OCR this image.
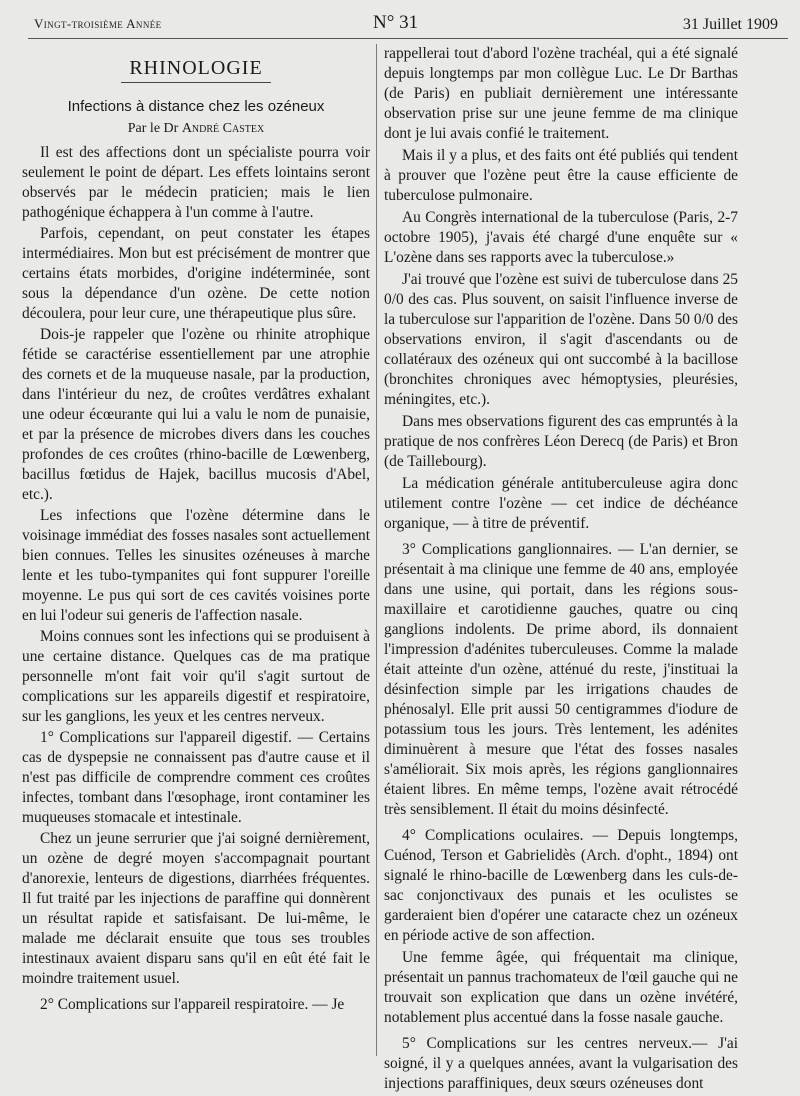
Vingt-troisième Année	N° 31	31 Juillet 1909
RHINOLOGIE
Infections à distance chez les ozéneux
Par le Dr André Castex

Il est des affections dont un spécialiste pourra voir seulement le point de départ. Les effets lointains seront observés par le médecin praticien; mais le lien pathogénique échappera à l'un comme à l'autre.

Parfois, cependant, on peut constater les étapes intermédiaires. Mon but est précisément de montrer que certains états morbides, d'origine indéterminée, sont sous la dépendance d'un ozène. De cette notion découlera, pour leur cure, une thérapeutique plus sûre.

Dois-je rappeler que l'ozène ou rhinite atrophique fétide se caractérise essentiellement par une atrophie des cornets et de la muqueuse nasale, par la production, dans l'intérieur du nez, de croûtes verdâtres exhalant une odeur écœurante qui lui a valu le nom de punaisie, et par la présence de microbes divers dans les couches profondes de ces croûtes (rhino-bacille de Lœwenberg, bacillus fœtidus de Hajek, bacillus mucosis d'Abel, etc.).

Les infections que l'ozène détermine dans le voisinage immédiat des fosses nasales sont actuellement bien connues. Telles les sinusites ozéneuses à marche lente et les tubo-tympanites qui font suppurer l'oreille moyenne. Le pus qui sort de ces cavités voisines porte en lui l'odeur sui generis de l'affection nasale.

Moins connues sont les infections qui se produisent à une certaine distance. Quelques cas de ma pratique personnelle m'ont fait voir qu'il s'agit surtout de complications sur les appareils digestif et respiratoire, sur les ganglions, les yeux et les centres nerveux.

1° Complications sur l'appareil digestif. — Certains cas de dyspepsie ne connaissent pas d'autre cause et il n'est pas difficile de comprendre comment ces croûtes infectes, tombant dans l'œsophage, iront contaminer les muqueuses stomacale et intestinale.

Chez un jeune serrurier que j'ai soigné dernièrement, un ozène de degré moyen s'accompagnait pourtant d'anorexie, lenteurs de digestions, diarrhées fréquentes. Il fut traité par les injections de paraffine qui donnèrent un résultat rapide et satisfaisant. De lui-même, le malade me déclarait ensuite que tous ses troubles intestinaux avaient disparu sans qu'il en eût été fait le moindre traitement usuel.

2° Complications sur l'appareil respiratoire. — Je

rappellerai tout d'abord l'ozène trachéal, qui a été signalé depuis longtemps par mon collègue Luc. Le Dr Barthas (de Paris) en publiait dernièrement une intéressante observation prise sur une jeune femme de ma clinique dont je lui avais confié le traitement.

Mais il y a plus, et des faits ont été publiés qui tendent à prouver que l'ozène peut être la cause efficiente de tuberculose pulmonaire.

Au Congrès international de la tuberculose (Paris, 2-7 octobre 1905), j'avais été chargé d'une enquête sur « L'ozène dans ses rapports avec la tuberculose.»

J'ai trouvé que l'ozène est suivi de tuberculose dans 25 0/0 des cas. Plus souvent, on saisit l'influence inverse de la tuberculose sur l'apparition de l'ozène. Dans 50 0/0 des observations environ, il s'agit d'ascendants ou de collatéraux des ozéneux qui ont succombé à la bacillose (bronchites chroniques avec hémoptysies, pleurésies, méningites, etc.).

Dans mes observations figurent des cas empruntés à la pratique de nos confrères Léon Derecq (de Paris) et Bron (de Taillebourg).

La médication générale antituberculeuse agira donc utilement contre l'ozène — cet indice de déchéance organique, — à titre de préventif.

3° Complications ganglionnaires. — L'an dernier, se présentait à ma clinique une femme de 40 ans, employée dans une usine, qui portait, dans les régions sous-maxillaire et carotidienne gauches, quatre ou cinq ganglions indolents. De prime abord, ils donnaient l'impression d'adénites tuberculeuses. Comme la malade était atteinte d'un ozène, atténué du reste, j'instituai la désinfection simple par les irrigations chaudes de phénosalyl. Elle prit aussi 50 centigrammes d'iodure de potassium tous les jours. Très lentement, les adénites diminuèrent à mesure que l'état des fosses nasales s'améliorait. Six mois après, les régions ganglionnaires étaient libres. En même temps, l'ozène avait rétrocédé très sensiblement. Il était du moins désinfecté.

4° Complications oculaires. — Depuis longtemps, Cuénod, Terson et Gabrielidès (Arch. d'opht., 1894) ont signalé le rhino-bacille de Lœwenberg dans les culs-de-sac conjonctivaux des punais et les oculistes se garderaient bien d'opérer une cataracte chez un ozéneux en période active de son affection.

Une femme âgée, qui fréquentait ma clinique, présentait un pannus trachomateux de l'œil gauche qui ne trouvait son explication que dans un ozène invétéré, notablement plus accentué dans la fosse nasale gauche.

5° Complications sur les centres nerveux.— J'ai soigné, il y a quelques années, avant la vulgarisation des injections paraffiniques, deux sœurs ozéneuses dont
